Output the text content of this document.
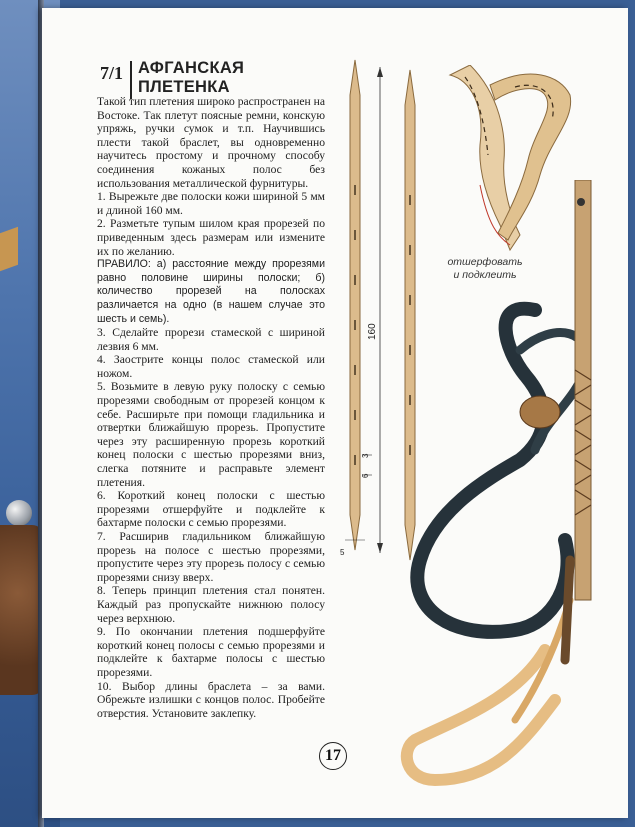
7/1 АФГАНСКАЯ
ПЛЕТЕНКА

Такой тип плетения широко распространен на Востоке. Так плетут поясные ремни, конскую упряжь, ручки сумок и т.п. Научившись плести такой браслет, вы одновременно научитесь простому и прочному способу соединения кожаных полос без использования металлической фурнитуры.

1. Вырежьте две полоски кожи шириной 5 мм и длиной 160 мм.

2. Разметьте тупым шилом края прорезей по приведенным здесь размерам или измените их по желанию.

ПРАВИЛО: а) расстояние между прорезями равно половине ширины полоски; б) количество прорезей на полосках различается на одно (в нашем случае это шесть и семь).

3. Сделайте прорези стамеской с шириной лезвия 6 мм.

4. Заострите концы полос стамеской или ножом.

5. Возьмите в левую руку полоску с семью прорезями свободным от прорезей концом к себе. Расширьте при помощи гладильника и отвертки ближайшую прорезь. Пропустите через эту расширенную прорезь короткий конец полоски с шестью прорезями вниз, слегка потяните и расправьте элемент плетения.

6. Короткий конец полоски с шестью прорезями отшерфуйте и подклейте к бахтарме полоски с семью прорезями.

7. Расширив гладильником ближайшую прорезь на полосе с шестью прорезями, пропустите через эту прорезь полосу с семью прорезями снизу вверх.

8. Теперь принцип плетения стал понятен. Каждый раз пропускайте нижнюю полосу через верхнюю.

9. По окончании плетения подшерфуйте короткий конец полосы с семью прорезями и подклейте к бахтарме полосы с шестью прорезями.

10. Выбор длины браслета – за вами. Обрежьте излишки с концов полос. Пробейте отверстия. Установите заклепку.

160
3
6
5
отшерфовать
и подклеить
17
